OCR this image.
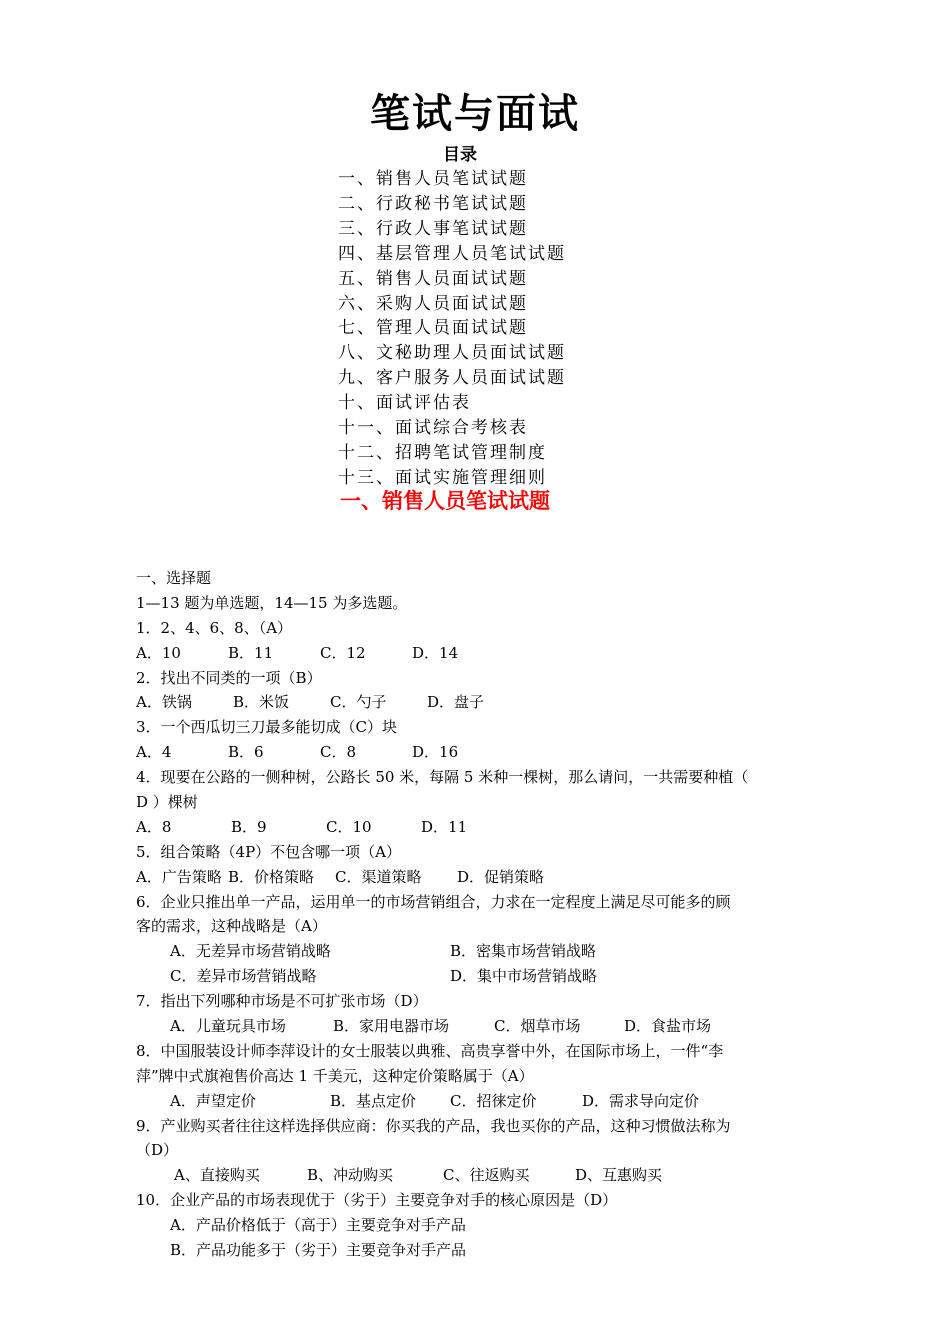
笔试与面试
目录
一、销售人员笔试试题
二、行政秘书笔试试题
三、行政人事笔试试题
四、基层管理人员笔试试题
五、销售人员面试试题
六、采购人员面试试题
七、管理人员面试试题
八、文秘助理人员面试试题
九、客户服务人员面试试题
十、面试评估表
十一、面试综合考核表
十二、招聘笔试管理制度
十三、面试实施管理细则
一、销售人员笔试试题
一、选择题
1—13 题为单选题，14—15 为多选题。
1．2、4、6、8、（A）
A．10	B．11	C．12	D．14
2．找出不同类的一项（B）
A．铁锅	B．米饭	C．勺子	D．盘子
3．一个西瓜切三刀最多能切成（C）块
A．4	B．6	C．8	D．16
4．现要在公路的一侧种树，公路长 50 米，每隔 5 米种一棵树，那么请问，一共需要种植（
D ）棵树
A．8	B．9	C．10	D．11
5．组合策略（4P）不包含哪一项（A）
A．广告策略 B．价格策略	C．渠道策略	D．促销策略
6．企业只推出单一产品，运用单一的市场营销组合，力求在一定程度上满足尽可能多的顾
客的需求，这种战略是（A）
A．无差异市场营销战略	B．密集市场营销战略
C．差异市场营销战略	D．集中市场营销战略
7．指出下列哪种市场是不可扩张市场（D）
A．儿童玩具市场	B．家用电器市场	C．烟草市场	D．食盐市场
8．中国服装设计师李萍设计的女士服装以典雅、高贵享誉中外，在国际市场上，一件“李
萍”牌中式旗袍售价高达 1 千美元，这种定价策略属于（A）
A．声望定价	B．基点定价	C．招徕定价	D．需求导向定价
9．产业购买者往往这样选择供应商：你买我的产品，我也买你的产品，这种习惯做法称为
（D）
A、直接购买	B、冲动购买	C、往返购买	D、互惠购买
10．企业产品的市场表现优于（劣于）主要竞争对手的核心原因是（D）
A．产品价格低于（高于）主要竞争对手产品
B．产品功能多于（劣于）主要竞争对手产品
